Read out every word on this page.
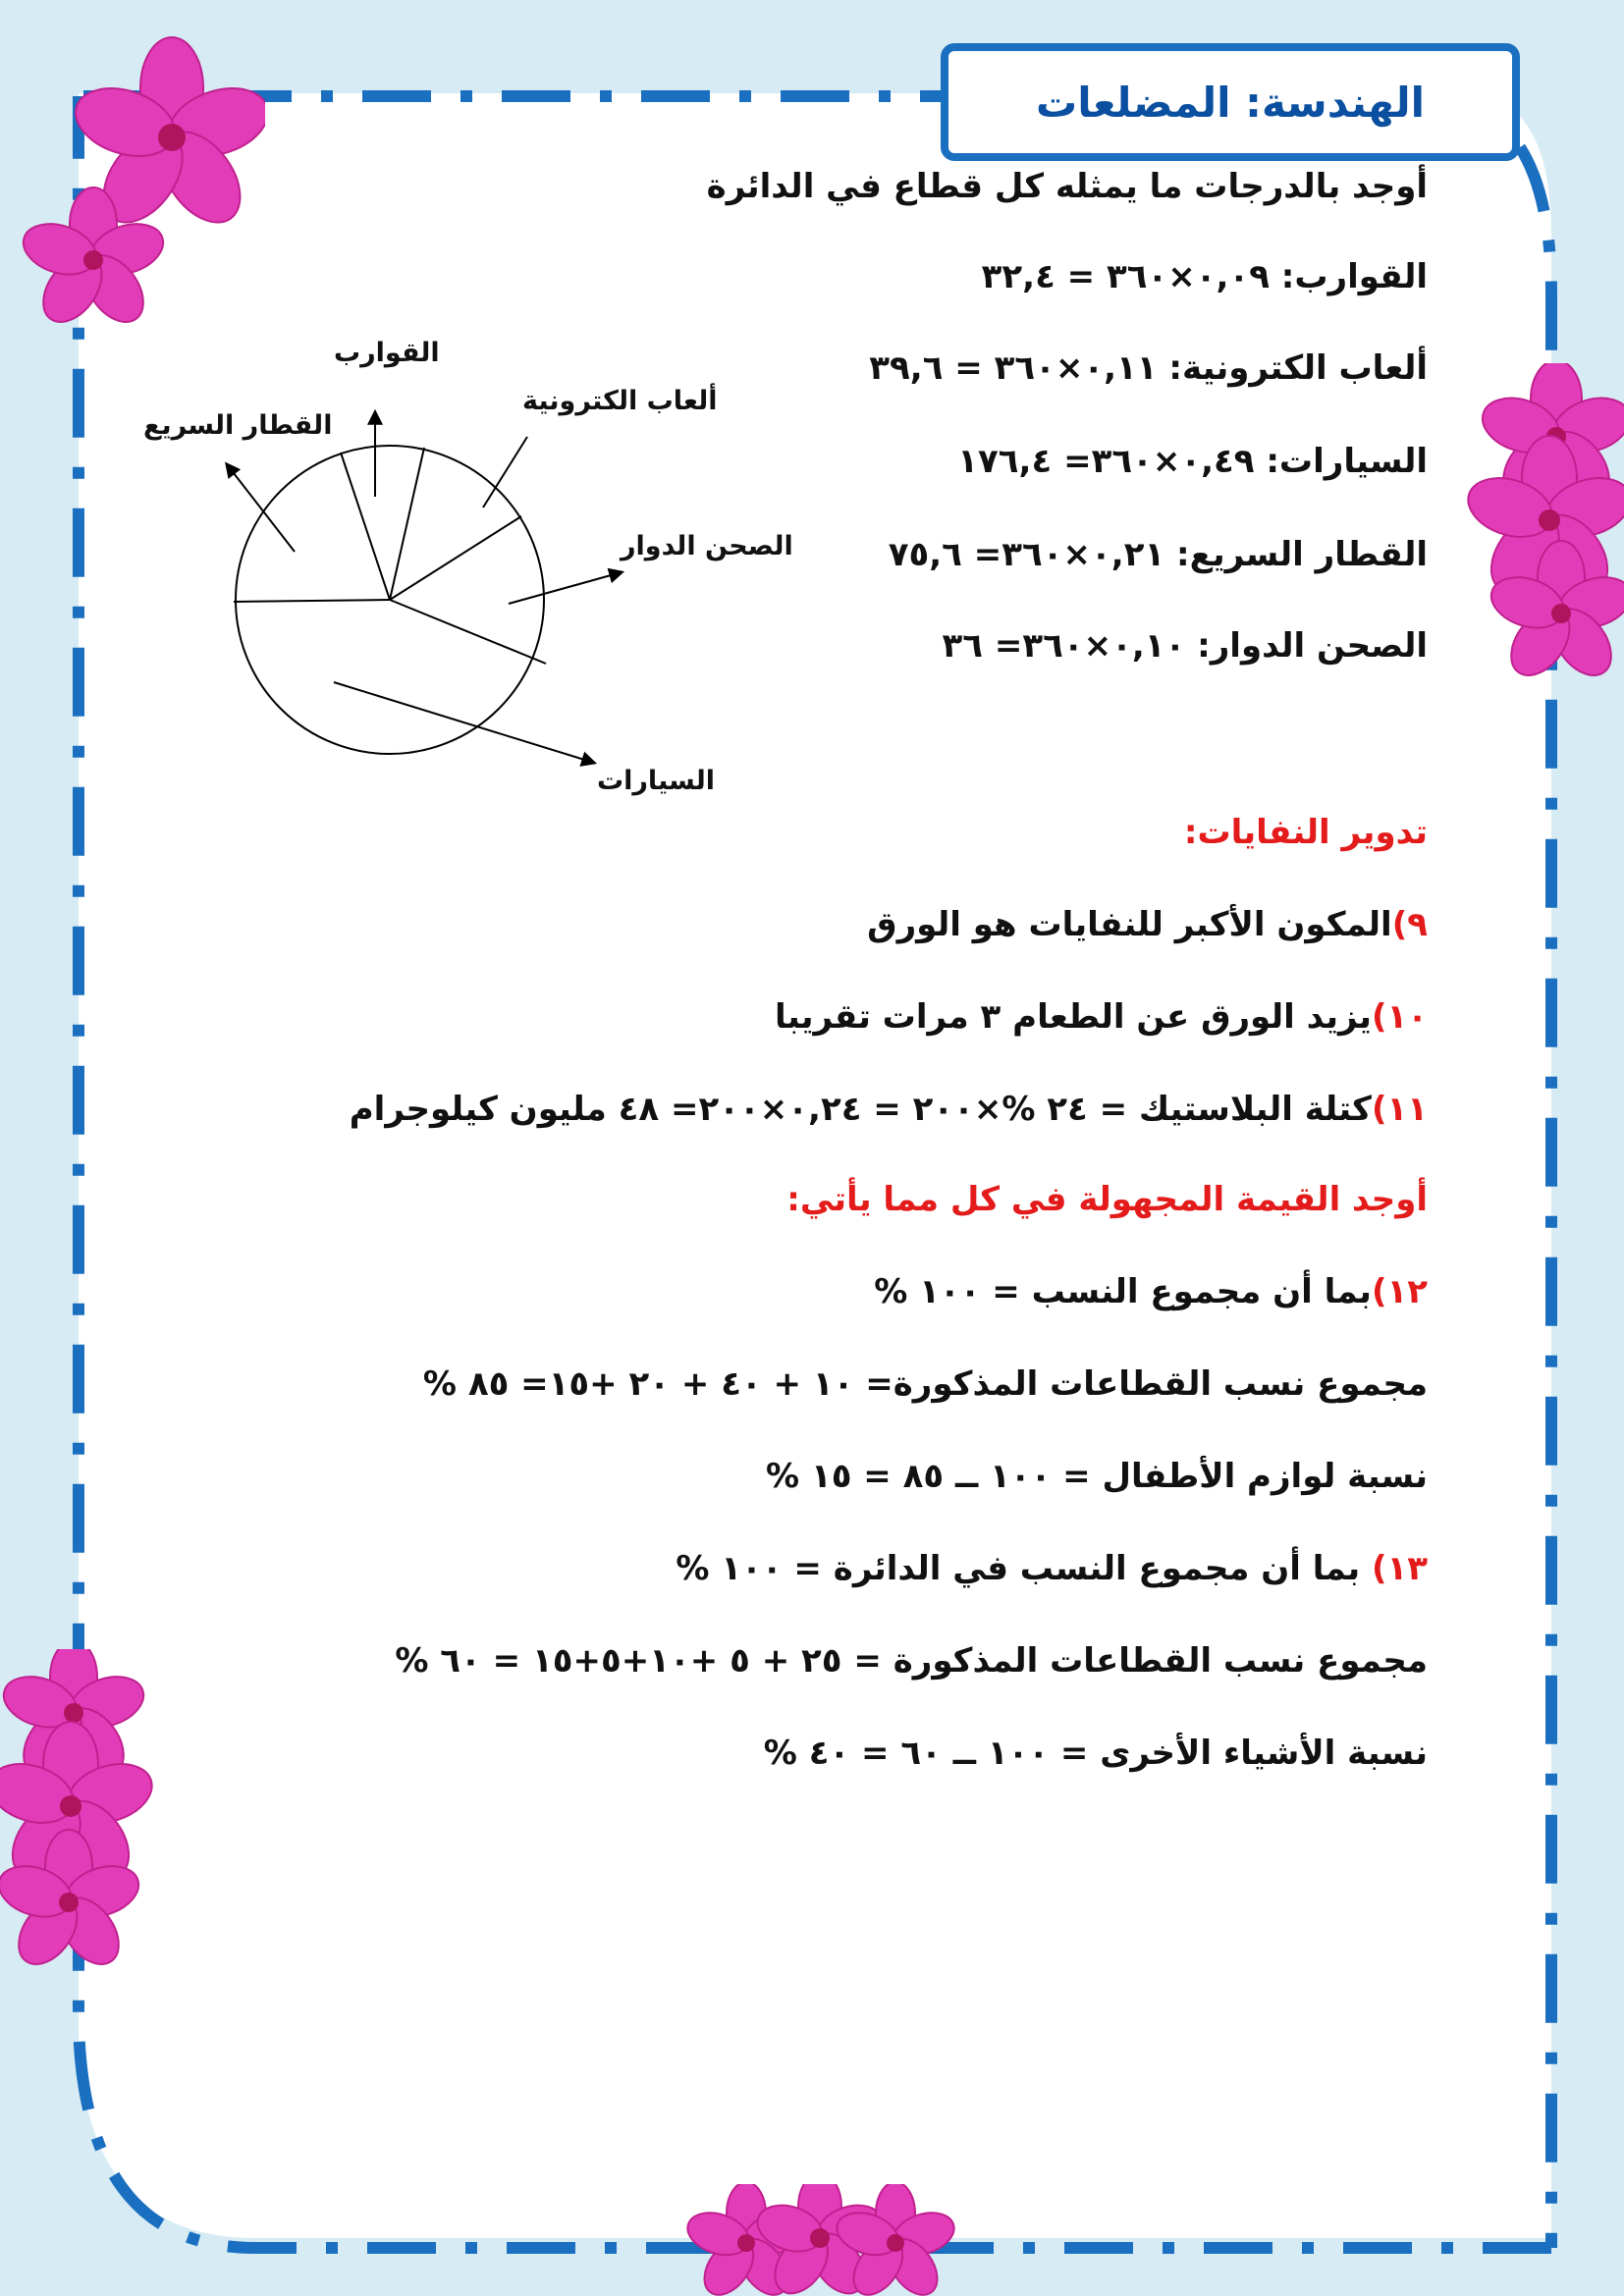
الهندسة: المضلعات
أوجد بالدرجات ما يمثله كل قطاع في الدائرة
القوارب: ٠,٠٩×٣٦٠ = ٣٢,٤
ألعاب الكترونية: ٠,١١×٣٦٠ = ٣٩,٦
السيارات: ٠,٤٩×٣٦٠= ١٧٦,٤
القطار السريع: ٠,٢١×٣٦٠= ٧٥,٦
الصحن الدوار: ٠,١٠×٣٦٠= ٣٦
تدوير النفايات:
٩)المكون الأكبر للنفايات هو الورق
١٠)يزيد الورق عن الطعام ٣ مرات تقريبا
١١)كتلة البلاستيك = ٢٤ %×٢٠٠ = ٠,٢٤×٢٠٠= ٤٨ مليون كيلوجرام
أوجد القيمة المجهولة في كل مما يأتي:
١٢)بما أن مجموع النسب = ١٠٠ %
مجموع نسب القطاعات المذكورة= ١٠ + ٤٠ + ٢٠ +١٥= ٨٥ %
نسبة لوازم الأطفال = ١٠٠ ــ ٨٥ = ١٥ %
١٣) بما أن مجموع النسب في الدائرة = ١٠٠ %
مجموع نسب القطاعات المذكورة = ٢٥ + ٥ +١٠+٥+١٥ = ٦٠ %
نسبة الأشياء الأخرى = ١٠٠ ــ ٦٠ = ٤٠ %
القوارب
ألعاب الكترونية
القطار السريع
الصحن الدوار
السيارات
